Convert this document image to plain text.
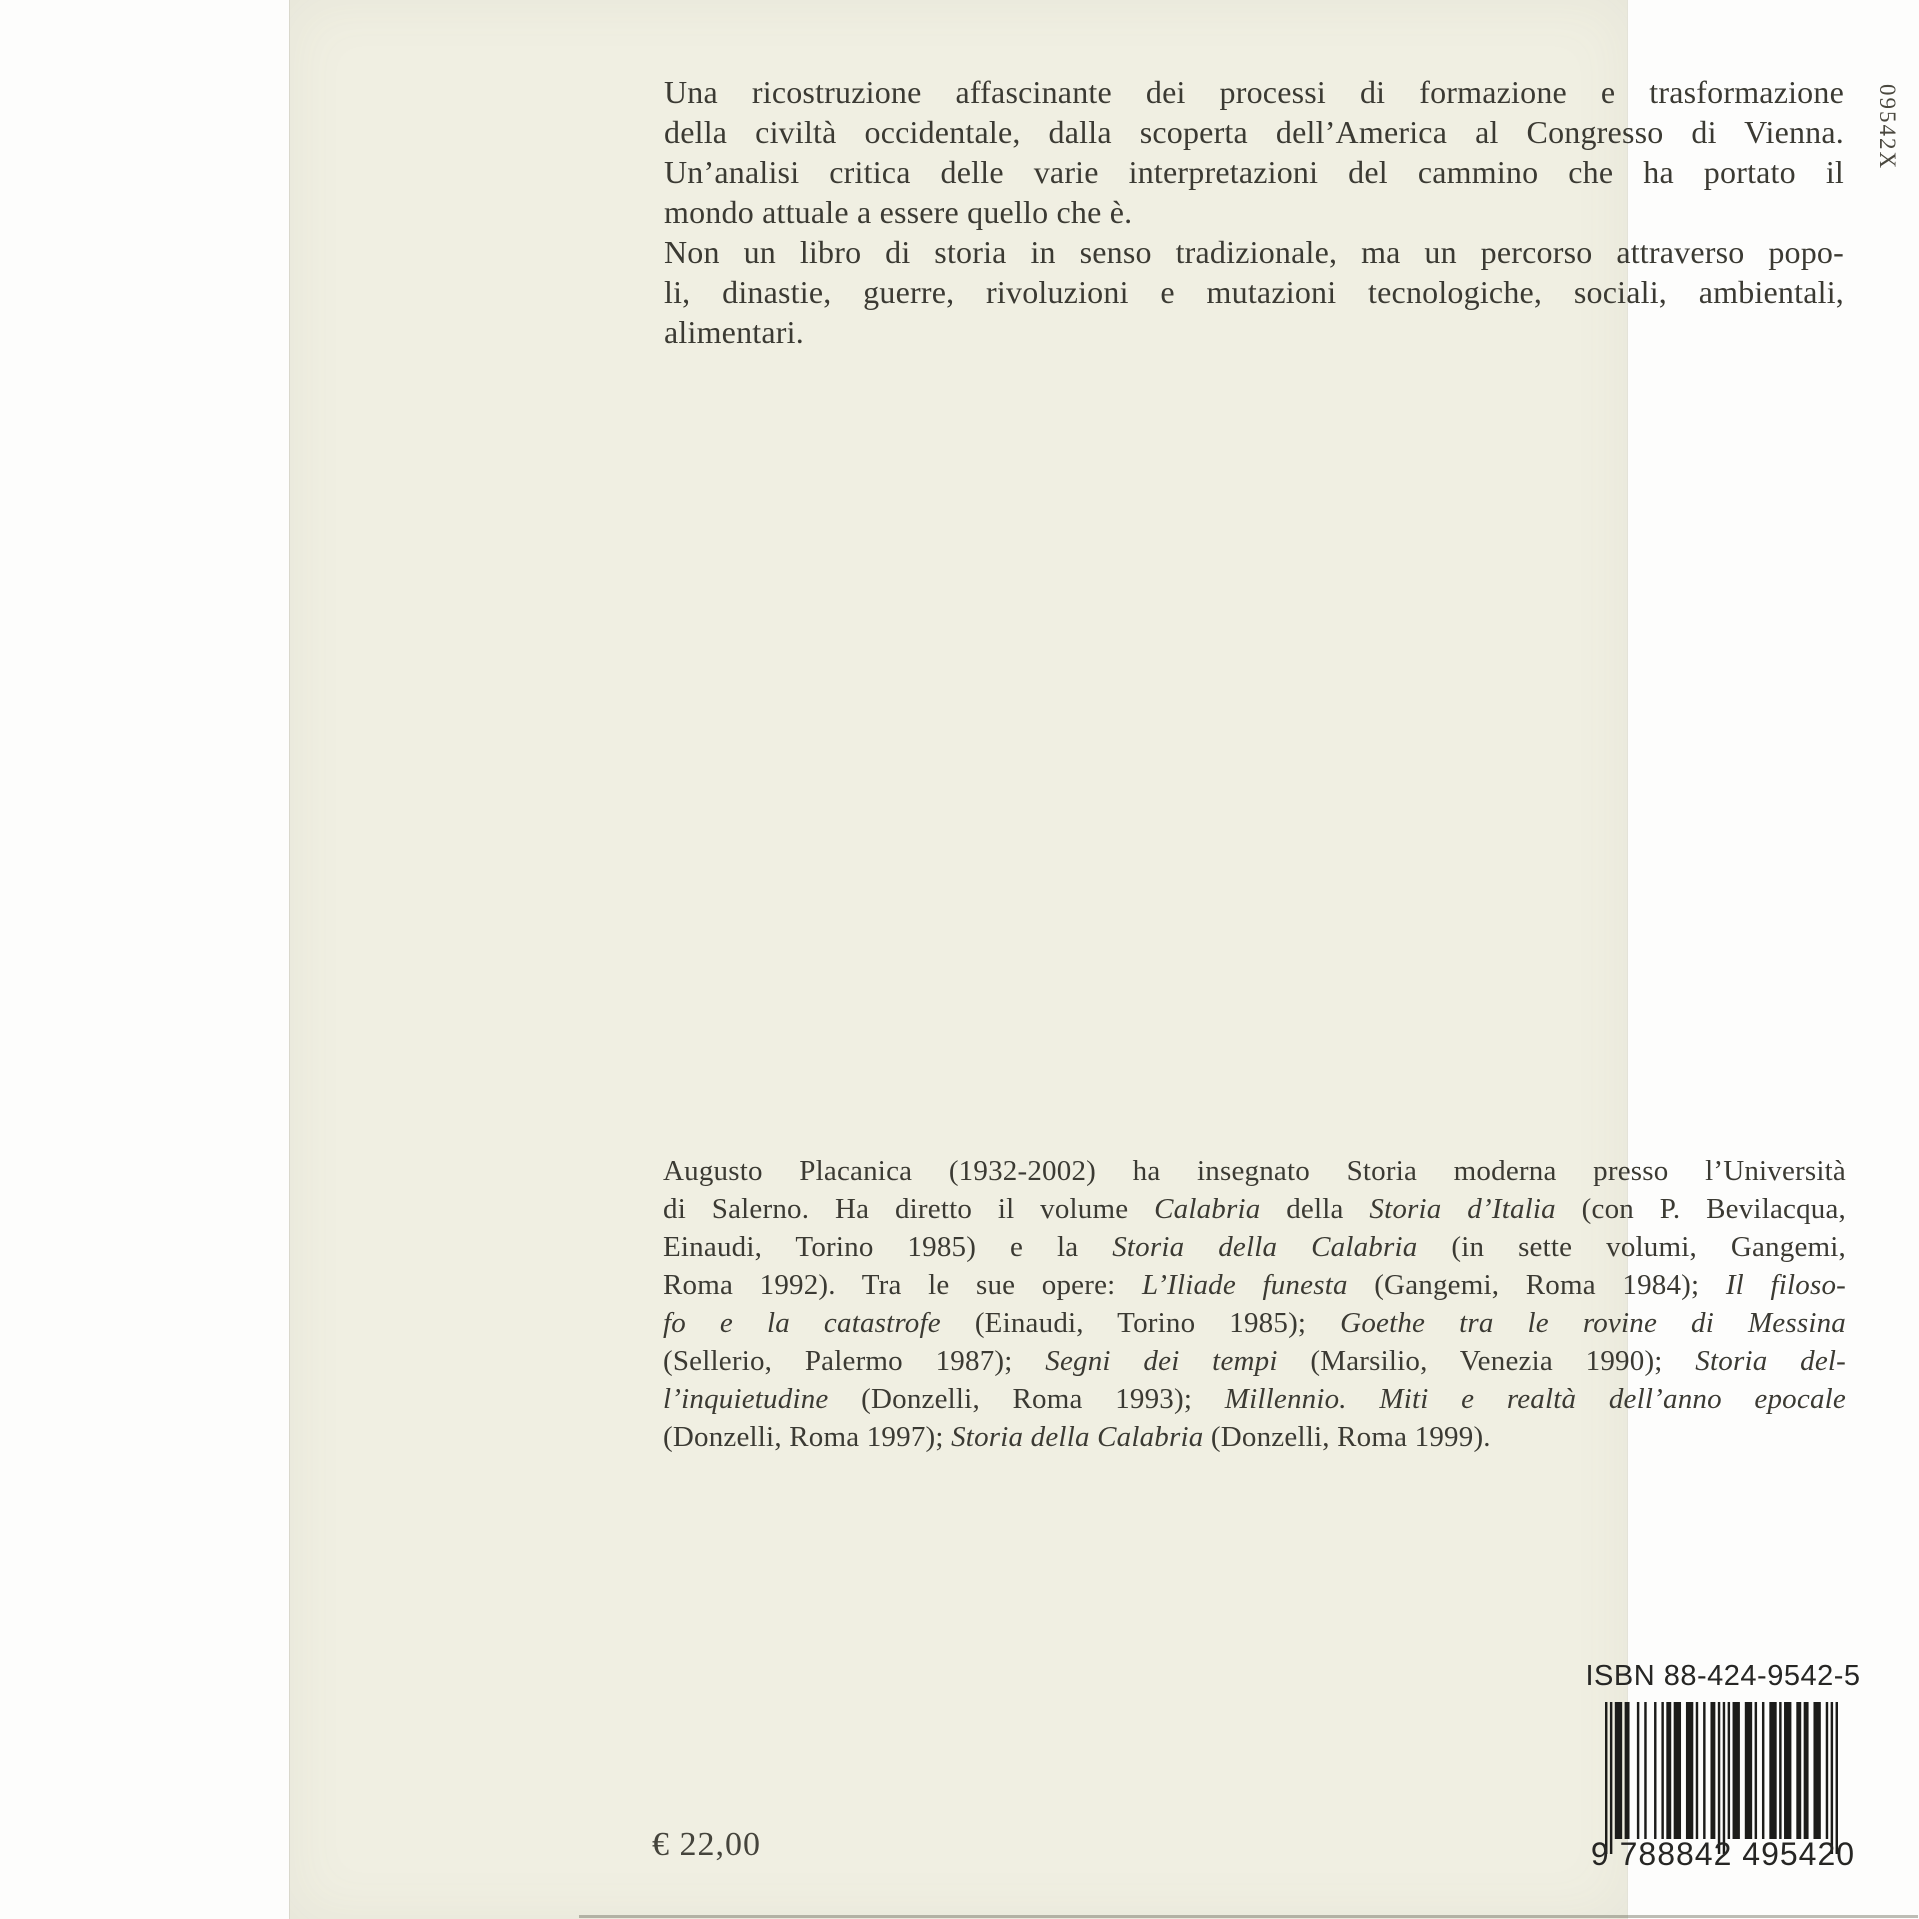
09542X
Una ricostruzione affascinante dei processi di formazione e trasformazione
della civiltà occidentale, dalla scoperta dell’America al Congresso di Vienna.
Un’analisi critica delle varie interpretazioni del cammino che ha portato il
mondo attuale a essere quello che è.
Non un libro di storia in senso tradizionale, ma un percorso attraverso popo-
li, dinastie, guerre, rivoluzioni e mutazioni tecnologiche, sociali, ambientali,
alimentari.
Augusto Placanica (1932-2002) ha insegnato Storia moderna presso l’Università
di Salerno. Ha diretto il volume Calabria della Storia d’Italia (con P. Bevilacqua,
Einaudi, Torino 1985) e la Storia della Calabria (in sette volumi, Gangemi,
Roma 1992). Tra le sue opere: L’Iliade funesta (Gangemi, Roma 1984); Il filoso-
fo e la catastrofe (Einaudi, Torino 1985); Goethe tra le rovine di Messina
(Sellerio, Palermo 1987); Segni dei tempi (Marsilio, Venezia 1990); Storia del-
l’inquietudine (Donzelli, Roma 1993); Millennio. Miti e realtà dell’anno epocale
(Donzelli, Roma 1997); Storia della Calabria (Donzelli, Roma 1999).
ISBN 88-424-9542-5
9 788842 495420
€ 22,00
